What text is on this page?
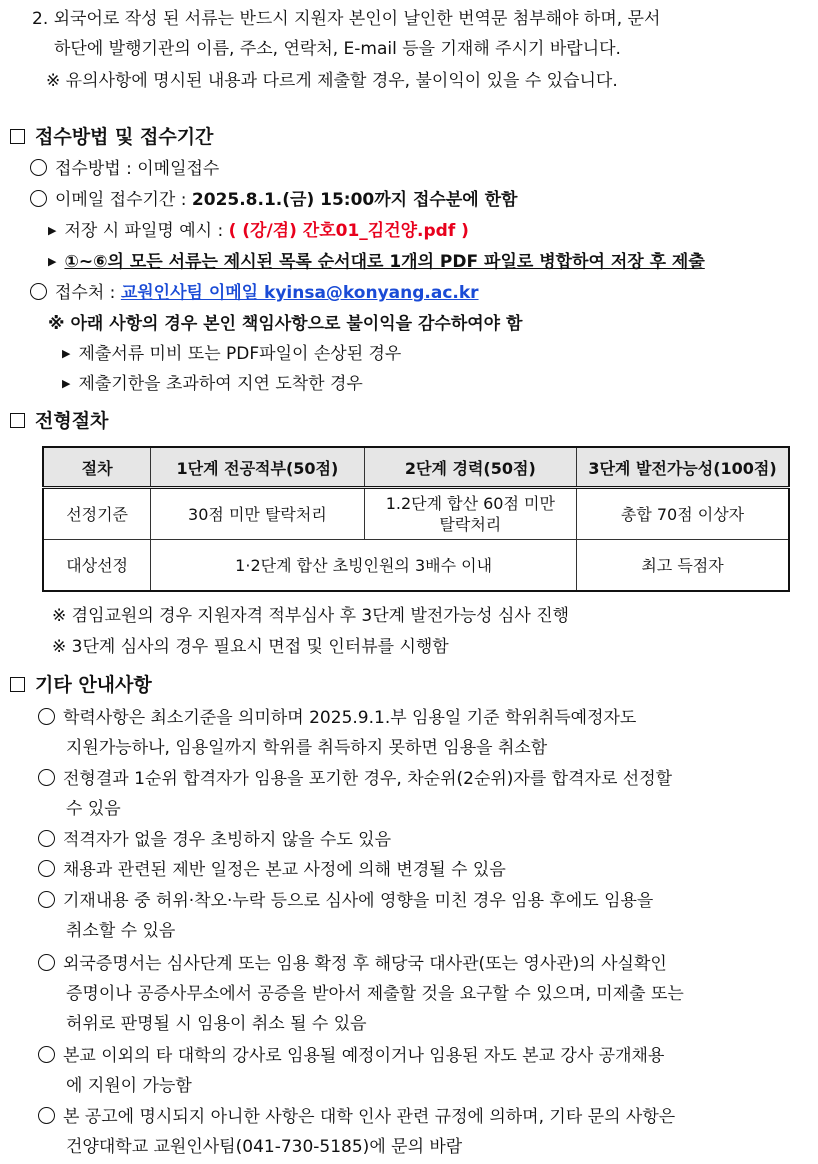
2. 외국어로 작성 된 서류는 반드시 지원자 본인이 날인한 번역문 첨부해야 하며, 문서
하단에 발행기관의 이름, 주소, 연락처, E-mail 등을 기재해 주시기 바랍니다.
※ 유의사항에 명시된 내용과 다르게 제출할 경우, 불이익이 있을 수 있습니다.
접수방법 및 접수기간
접수방법 : 이메일접수
이메일 접수기간 : 2025.8.1.(금) 15:00까지 접수분에 한함
▶ 저장 시 파일명 예시 : ( (강/겸) 간호01_김건양.pdf )
▶ ①~⑥의 모든 서류는 제시된 목록 순서대로 1개의 PDF 파일로 병합하여 저장 후 제출
접수처 : 교원인사팀 이메일 kyinsa@konyang.ac.kr
※ 아래 사항의 경우 본인 책임사항으로 불이익을 감수하여야 함
▶ 제출서류 미비 또는 PDF파일이 손상된 경우
▶ 제출기한을 초과하여 지연 도착한 경우
전형절차
절차	1단계 전공적부(50점)	2단계 경력(50점)	3단계 발전가능성(100점)
선정기준	30점 미만 탈락처리	1.2단계 합산 60점 미만
탈락처리	총합 70점 이상자
대상선정	1·2단계 합산 초빙인원의 3배수 이내		최고 득점자
※ 겸임교원의 경우 지원자격 적부심사 후 3단계 발전가능성 심사 진행
※ 3단계 심사의 경우 필요시 면접 및 인터뷰를 시행함
기타 안내사항
학력사항은 최소기준을 의미하며 2025.9.1.부 임용일 기준 학위취득예정자도
지원가능하나, 임용일까지 학위를 취득하지 못하면 임용을 취소함
전형결과 1순위 합격자가 임용을 포기한 경우, 차순위(2순위)자를 합격자로 선정할
수 있음
적격자가 없을 경우 초빙하지 않을 수도 있음
채용과 관련된 제반 일정은 본교 사정에 의해 변경될 수 있음
기재내용 중 허위·착오·누락 등으로 심사에 영향을 미친 경우 임용 후에도 임용을
취소할 수 있음
외국증명서는 심사단계 또는 임용 확정 후 해당국 대사관(또는 영사관)의 사실확인
증명이나 공증사무소에서 공증을 받아서 제출할 것을 요구할 수 있으며, 미제출 또는
허위로 판명될 시 임용이 취소 될 수 있음
본교 이외의 타 대학의 강사로 임용될 예정이거나 임용된 자도 본교 강사 공개채용
에 지원이 가능함
본 공고에 명시되지 아니한 사항은 대학 인사 관련 규정에 의하며, 기타 문의 사항은
건양대학교 교원인사팀(041-730-5185)에 문의 바람
